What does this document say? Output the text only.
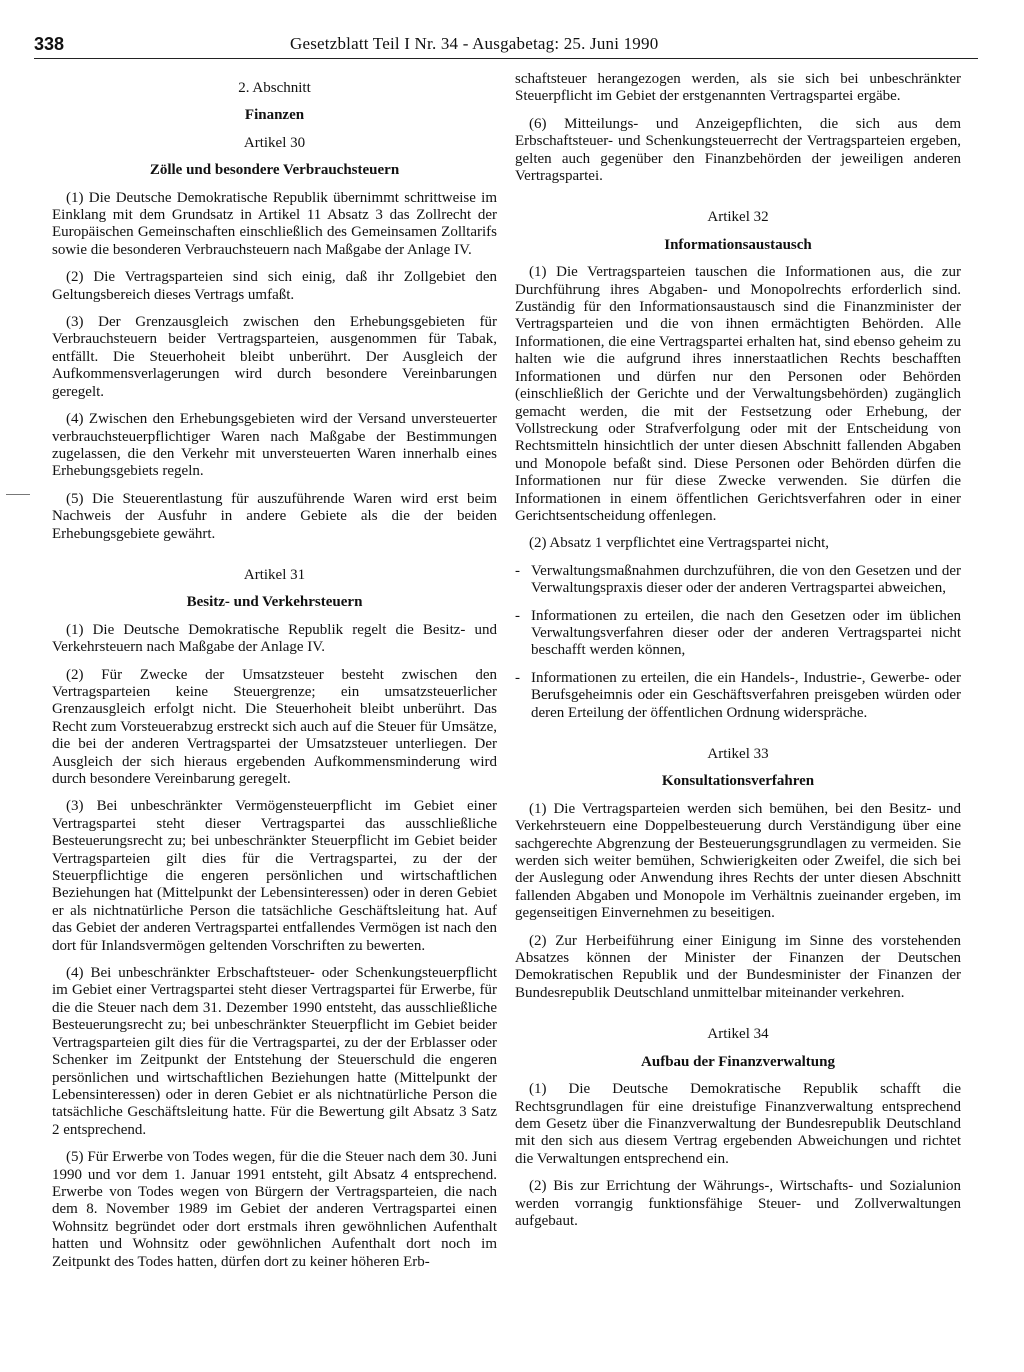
338	Gesetzblatt Teil I Nr. 34 - Ausgabetag: 25. Juni 1990

2. Abschnitt

Finanzen

Artikel 30

Zölle und besondere Verbrauchsteuern

(1) Die Deutsche Demokratische Republik übernimmt schrittweise im Einklang mit dem Grundsatz in Artikel 11 Absatz 3 das Zollrecht der Europäischen Gemeinschaften einschließlich des Gemeinsamen Zolltarifs sowie die besonderen Verbrauchsteuern nach Maßgabe der Anlage IV.

(2) Die Vertragsparteien sind sich einig, daß ihr Zollgebiet den Geltungsbereich dieses Vertrags umfaßt.

(3) Der Grenzausgleich zwischen den Erhebungsgebieten für Verbrauchsteuern beider Vertragsparteien, ausgenommen für Tabak, entfällt. Die Steuerhoheit bleibt unberührt. Der Ausgleich der Aufkommensverlagerungen wird durch besondere Vereinbarungen geregelt.

(4) Zwischen den Erhebungsgebieten wird der Versand unversteuerter verbrauchsteuerpflichtiger Waren nach Maßgabe der Bestimmungen zugelassen, die den Verkehr mit unversteuerten Waren innerhalb eines Erhebungsgebiets regeln.

(5) Die Steuerentlastung für auszuführende Waren wird erst beim Nachweis der Ausfuhr in andere Gebiete als die der beiden Erhebungsgebiete gewährt.

Artikel 31

Besitz- und Verkehrsteuern

(1) Die Deutsche Demokratische Republik regelt die Besitz- und Verkehrsteuern nach Maßgabe der Anlage IV.

(2) Für Zwecke der Umsatzsteuer besteht zwischen den Vertragsparteien keine Steuergrenze; ein umsatzsteuerlicher Grenzausgleich erfolgt nicht. Die Steuerhoheit bleibt unberührt. Das Recht zum Vorsteuerabzug erstreckt sich auch auf die Steuer für Umsätze, die bei der anderen Vertragspartei der Umsatzsteuer unterliegen. Der Ausgleich der sich hieraus ergebenden Aufkommensminderung wird durch besondere Vereinbarung geregelt.

(3) Bei unbeschränkter Vermögensteuerpflicht im Gebiet einer Vertragspartei steht dieser Vertragspartei das ausschließliche Besteuerungsrecht zu; bei unbeschränkter Steuerpflicht im Gebiet beider Vertragsparteien gilt dies für die Vertragspartei, zu der der Steuerpflichtige die engeren persönlichen und wirtschaftlichen Beziehungen hat (Mittelpunkt der Lebensinteressen) oder in deren Gebiet er als nichtnatürliche Person die tatsächliche Geschäftsleitung hat. Auf das Gebiet der anderen Vertragspartei entfallendes Vermögen ist nach den dort für Inlandsvermögen geltenden Vorschriften zu bewerten.

(4) Bei unbeschränkter Erbschaftsteuer- oder Schenkungsteuerpflicht im Gebiet einer Vertragspartei steht dieser Vertragspartei für Erwerbe, für die die Steuer nach dem 31. Dezember 1990 entsteht, das ausschließliche Besteuerungsrecht zu; bei unbeschränkter Steuerpflicht im Gebiet beider Vertragsparteien gilt dies für die Vertragspartei, zu der der Erblasser oder Schenker im Zeitpunkt der Entstehung der Steuerschuld die engeren persönlichen und wirtschaftlichen Beziehungen hatte (Mittelpunkt der Lebensinteressen) oder in deren Gebiet er als nichtnatürliche Person die tatsächliche Geschäftsleitung hatte. Für die Bewertung gilt Absatz 3 Satz 2 entsprechend.

(5) Für Erwerbe von Todes wegen, für die die Steuer nach dem 30. Juni 1990 und vor dem 1. Januar 1991 entsteht, gilt Absatz 4 entsprechend. Erwerbe von Todes wegen von Bürgern der Vertragsparteien, die nach dem 8. November 1989 im Gebiet der anderen Vertragspartei einen Wohnsitz begründet oder dort erstmals ihren gewöhnlichen Aufenthalt hatten und Wohnsitz oder gewöhnlichen Aufenthalt dort noch im Zeitpunkt des Todes hatten, dürfen dort zu keiner höheren Erb-

schaftsteuer herangezogen werden, als sie sich bei unbeschränkter Steuerpflicht im Gebiet der erstgenannten Vertragspartei ergäbe.

(6) Mitteilungs- und Anzeigepflichten, die sich aus dem Erbschaftsteuer- und Schenkungsteuerrecht der Vertragsparteien ergeben, gelten auch gegenüber den Finanzbehörden der jeweiligen anderen Vertragspartei.

Artikel 32

Informationsaustausch

(1) Die Vertragsparteien tauschen die Informationen aus, die zur Durchführung ihres Abgaben- und Monopolrechts erforderlich sind. Zuständig für den Informationsaustausch sind die Finanzminister der Vertragsparteien und die von ihnen ermächtigten Behörden. Alle Informationen, die eine Vertragspartei erhalten hat, sind ebenso geheim zu halten wie die aufgrund ihres innerstaatlichen Rechts beschafften Informationen und dürfen nur den Personen oder Behörden (einschließlich der Gerichte und der Verwaltungsbehörden) zugänglich gemacht werden, die mit der Festsetzung oder Erhebung, der Vollstreckung oder Strafverfolgung oder mit der Entscheidung von Rechtsmitteln hinsichtlich der unter diesen Abschnitt fallenden Abgaben und Monopole befaßt sind. Diese Personen oder Behörden dürfen die Informationen nur für diese Zwecke verwenden. Sie dürfen die Informationen in einem öffentlichen Gerichtsverfahren oder in einer Gerichtsentscheidung offenlegen.

(2) Absatz 1 verpflichtet eine Vertragspartei nicht,

- Verwaltungsmaßnahmen durchzuführen, die von den Gesetzen und der Verwaltungspraxis dieser oder der anderen Vertragspartei abweichen,
- Informationen zu erteilen, die nach den Gesetzen oder im üblichen Verwaltungsverfahren dieser oder der anderen Vertragspartei nicht beschafft werden können,
- Informationen zu erteilen, die ein Handels-, Industrie-, Gewerbe- oder Berufsgeheimnis oder ein Geschäftsverfahren preisgeben würden oder deren Erteilung der öffentlichen Ordnung widerspräche.

Artikel 33

Konsultationsverfahren

(1) Die Vertragsparteien werden sich bemühen, bei den Besitz- und Verkehrsteuern eine Doppelbesteuerung durch Verständigung über eine sachgerechte Abgrenzung der Besteuerungsgrundlagen zu vermeiden. Sie werden sich weiter bemühen, Schwierigkeiten oder Zweifel, die sich bei der Auslegung oder Anwendung ihres Rechts der unter diesen Abschnitt fallenden Abgaben und Monopole im Verhältnis zueinander ergeben, im gegenseitigen Einvernehmen zu beseitigen.

(2) Zur Herbeiführung einer Einigung im Sinne des vorstehenden Absatzes können der Minister der Finanzen der Deutschen Demokratischen Republik und der Bundesminister der Finanzen der Bundesrepublik Deutschland unmittelbar miteinander verkehren.

Artikel 34

Aufbau der Finanzverwaltung

(1) Die Deutsche Demokratische Republik schafft die Rechtsgrundlagen für eine dreistufige Finanzverwaltung entsprechend dem Gesetz über die Finanzverwaltung der Bundesrepublik Deutschland mit den sich aus diesem Vertrag ergebenden Abweichungen und richtet die Verwaltungen entsprechend ein.

(2) Bis zur Errichtung der Währungs-, Wirtschafts- und Sozialunion werden vorrangig funktionsfähige Steuer- und Zollverwaltungen aufgebaut.
